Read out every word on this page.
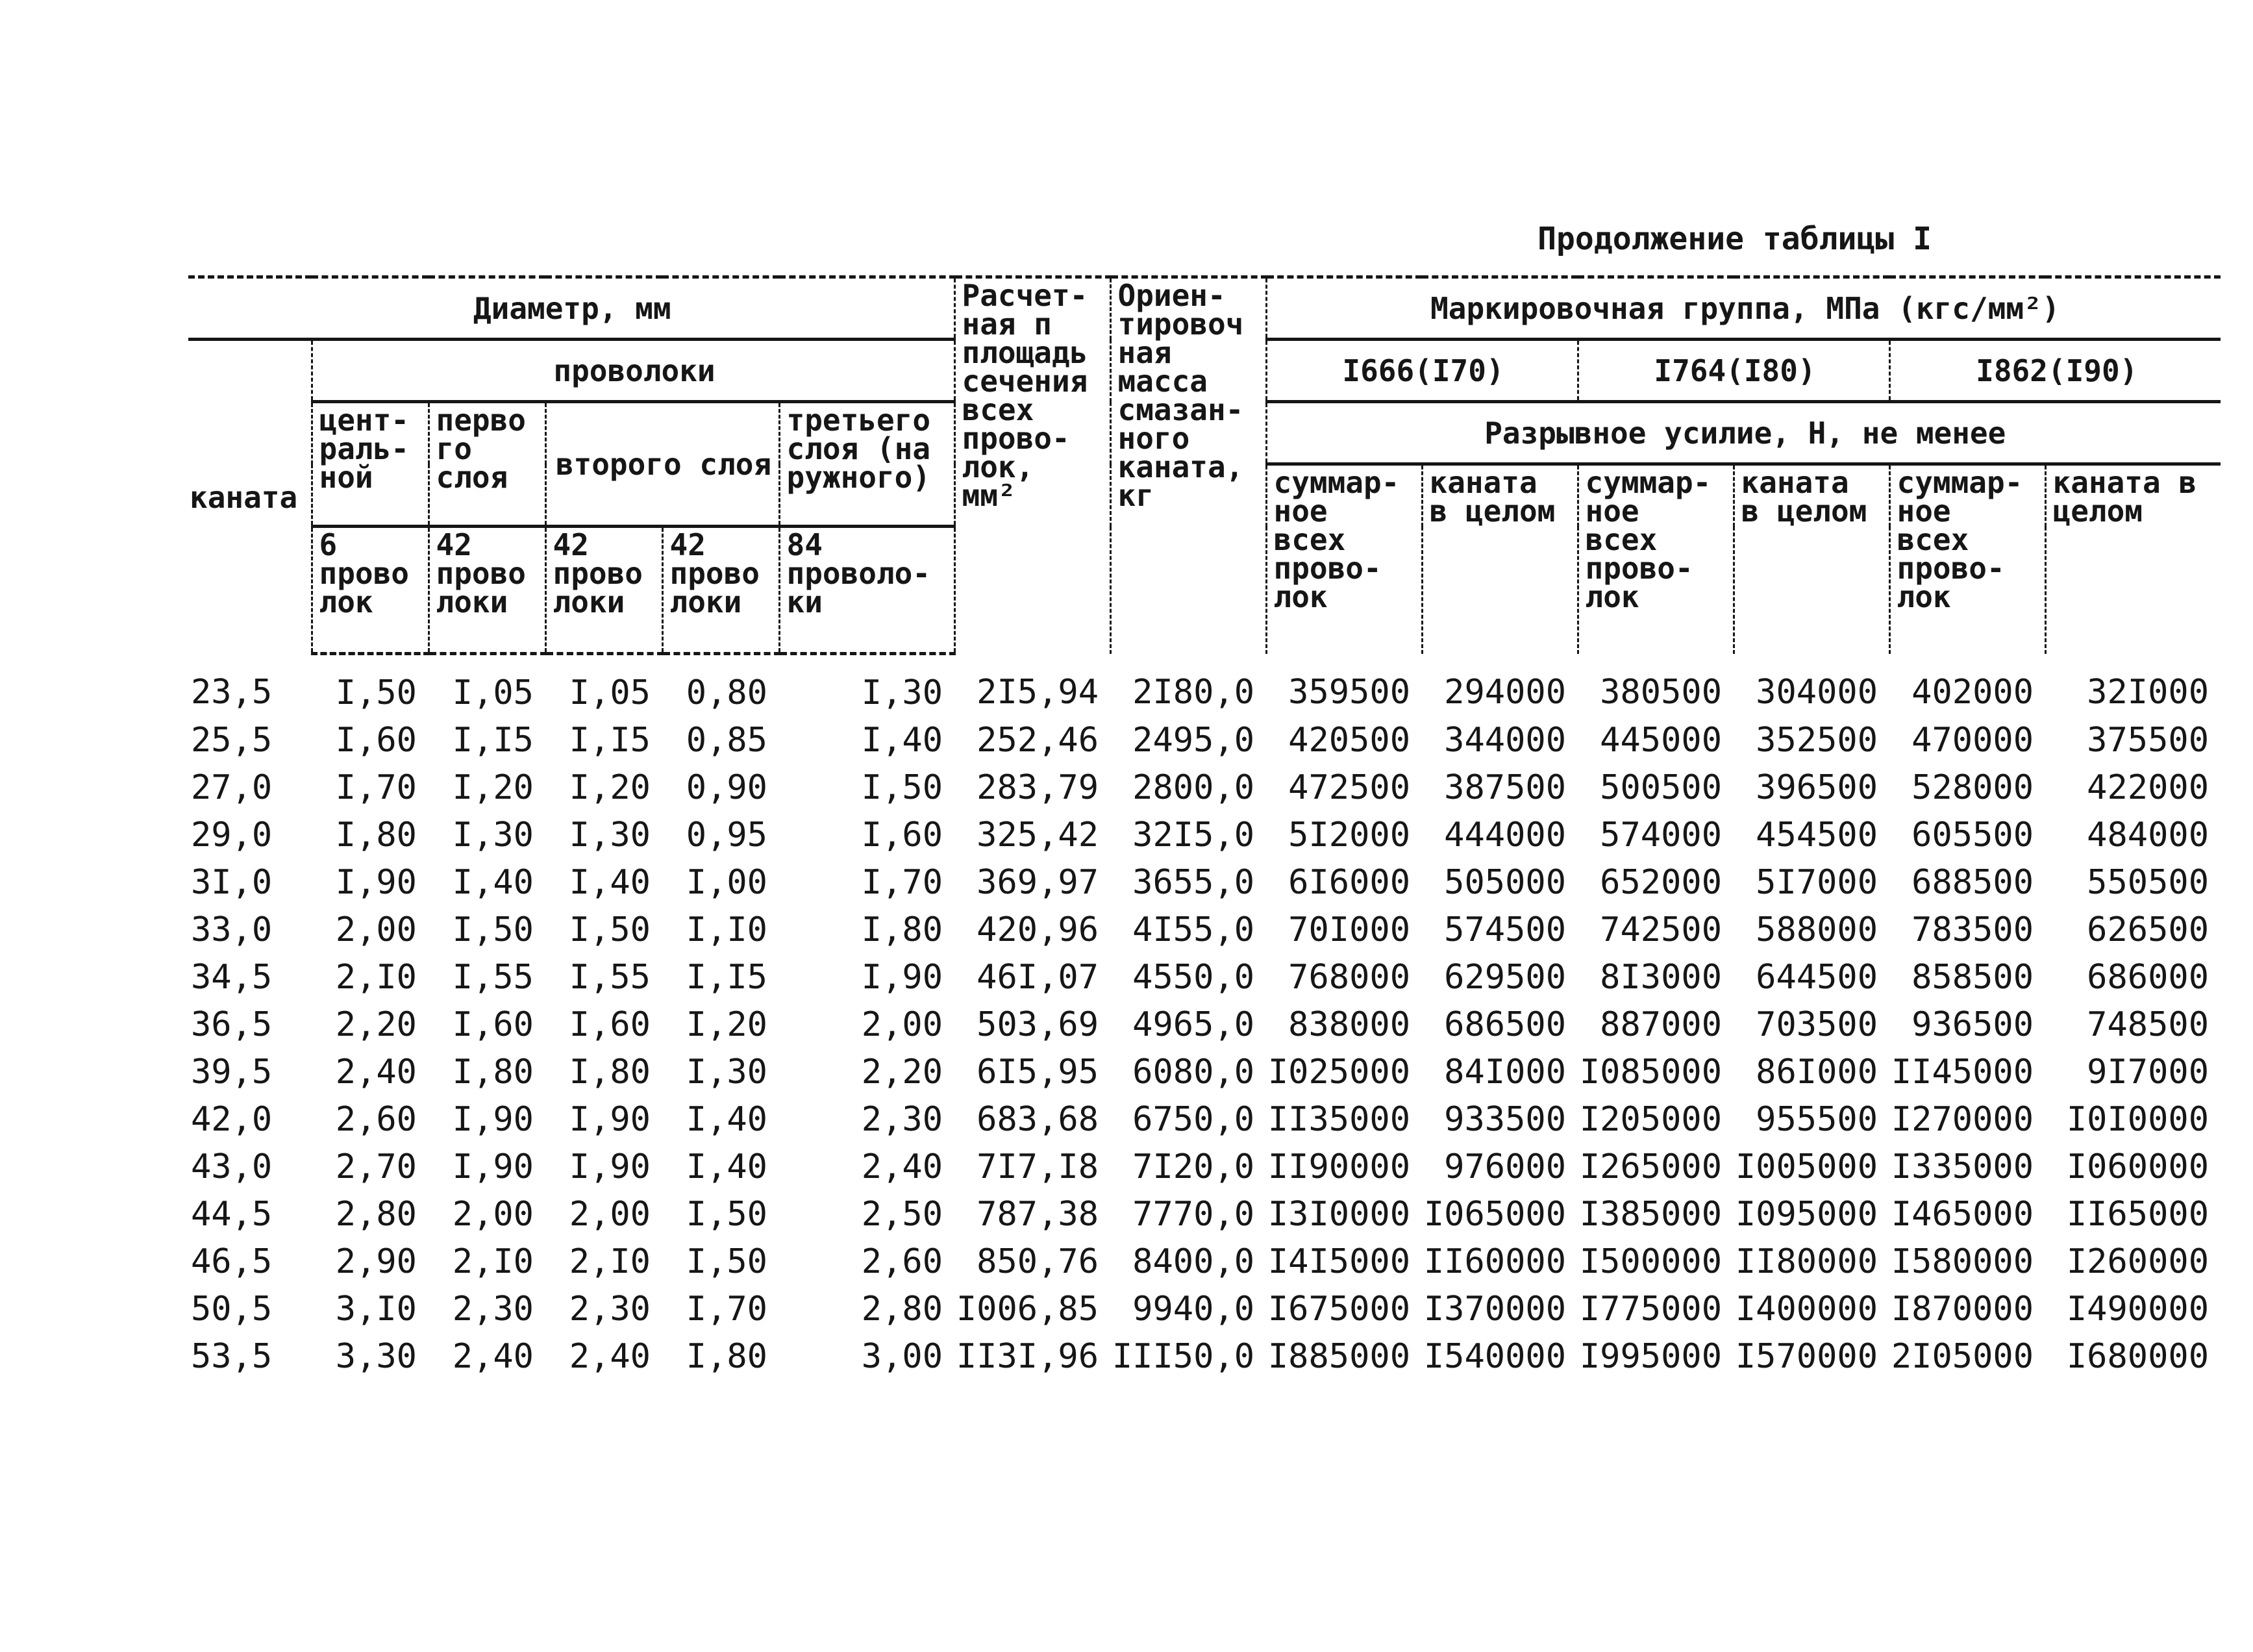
Продолжение таблицы I
Диаметр, мм						Расчет-ная п площадь сечения всех прово-лок, мм²	Ориен-тировоч ная масса смазан-ного каната, кг	Маркировочная группа, МПа (кгс/мм²)					
каната	проволоки							I666(I70)		I764(I80)		I862(I90)	
	цент-раль-ной	перво го слоя	второго слоя		третьего слоя (на ружного)			Разрывное усилие, Н, не менее					
								суммар-ное всех прово-лок	каната в целом	суммар-ное всех прово-лок	каната в целом	суммар-ное всех прово-лок	каната в целом
	6 прово лок	42 прово локи	42 прово локи	42 прово локи	84 проволо-ки								
23,5	I,50	I,05	I,05	0,80	I,30	2I5,94	2I80,0	359500	294000	380500	304000	402000	32I000
25,5	I,60	I,I5	I,I5	0,85	I,40	252,46	2495,0	420500	344000	445000	352500	470000	375500
27,0	I,70	I,20	I,20	0,90	I,50	283,79	2800,0	472500	387500	500500	396500	528000	422000
29,0	I,80	I,30	I,30	0,95	I,60	325,42	32I5,0	5I2000	444000	574000	454500	605500	484000
3I,0	I,90	I,40	I,40	I,00	I,70	369,97	3655,0	6I6000	505000	652000	5I7000	688500	550500
33,0	2,00	I,50	I,50	I,I0	I,80	420,96	4I55,0	70I000	574500	742500	588000	783500	626500
34,5	2,I0	I,55	I,55	I,I5	I,90	46I,07	4550,0	768000	629500	8I3000	644500	858500	686000
36,5	2,20	I,60	I,60	I,20	2,00	503,69	4965,0	838000	686500	887000	703500	936500	748500
39,5	2,40	I,80	I,80	I,30	2,20	6I5,95	6080,0	I025000	84I000	I085000	86I000	II45000	9I7000
42,0	2,60	I,90	I,90	I,40	2,30	683,68	6750,0	II35000	933500	I205000	955500	I270000	I0I0000
43,0	2,70	I,90	I,90	I,40	2,40	7I7,I8	7I20,0	II90000	976000	I265000	I005000	I335000	I060000
44,5	2,80	2,00	2,00	I,50	2,50	787,38	7770,0	I3I0000	I065000	I385000	I095000	I465000	II65000
46,5	2,90	2,I0	2,I0	I,50	2,60	850,76	8400,0	I4I5000	II60000	I500000	II80000	I580000	I260000
50,5	3,I0	2,30	2,30	I,70	2,80	I006,85	9940,0	I675000	I370000	I775000	I400000	I870000	I490000
53,5	3,30	2,40	2,40	I,80	3,00	II3I,96	III50,0	I885000	I540000	I995000	I570000	2I05000	I680000
